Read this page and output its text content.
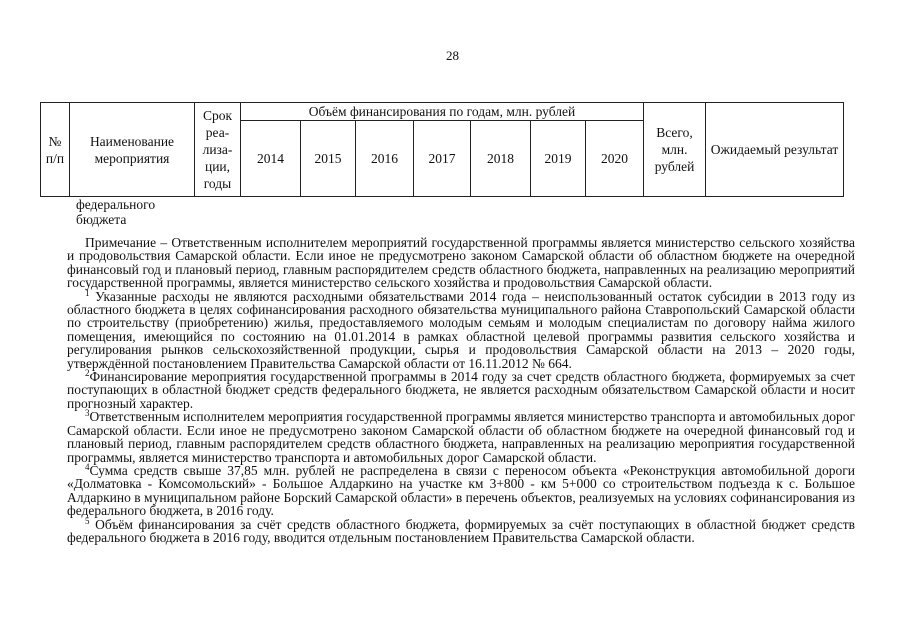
28
№ п/п	Наименование мероприятия	Срок реа-лиза-ции, годы	Объём финансирования по годам, млн. рублей							Всего, млн. рублей	Ожидаемый результат
			2014	2015	2016	2017	2018	2019	2020		
федерального бюджета

Примечание – Ответственным исполнителем мероприятий государственной программы является министерство сельского хозяйства и продовольствия Самарской области. Если иное не предусмотрено законом Самарской области об областном бюджете на очередной финансовый год и плановый период, главным распорядителем средств областного бюджета, направленных на реализацию мероприятий государственной программы, является министерство сельского хозяйства и продовольствия Самарской области.

$^1$ Указанные расходы не являются расходными обязательствами 2014 года – неиспользованный остаток субсидии в 2013 году из областного бюджета в целях софинансирования расходного обязательства муниципального района Ставропольский Самарской области по строительству (приобретению) жилья, предоставляемого молодым семьям и молодым специалистам по договору найма жилого помещения, имеющийся по состоянию на 01.01.2014 в рамках областной целевой программы развития сельского хозяйства и регулирования рынков сельскохозяйственной продукции, сырья и продовольствия Самарской области на 2013 – 2020 годы, утверждённой постановлением Правительства Самарской области от 16.11.2012 № 664.

$^2$Финансирование мероприятия государственной программы в 2014 году за счет средств областного бюджета, формируемых за счет поступающих в областной бюджет средств федерального бюджета, не является расходным обязательством Самарской области и носит прогнозный характер.

$^3$Ответственным исполнителем мероприятия государственной программы является министерство транспорта и автомобильных дорог Самарской области. Если иное не предусмотрено законом Самарской области об областном бюджете на очередной финансовый год и плановый период, главным распорядителем средств областного бюджета, направленных на реализацию мероприятия государственной программы, является министерство транспорта и автомобильных дорог Самарской области.

$^4$Сумма средств свыше 37,85 млн. рублей не распределена в связи с переносом объекта «Реконструкция автомобильной дороги «Долматовка - Комсомольский» - Большое Алдаркино на участке км 3+800 - км 5+000 со строительством подъезда к с. Большое Алдаркино в муниципальном районе Борский Самарской области» в перечень объектов, реализуемых на условиях софинансирования из федерального бюджета, в 2016 году.

$^5$ Объём финансирования за счёт средств областного бюджета, формируемых за счёт поступающих в областной бюджет средств федерального бюджета в 2016 году, вводится отдельным постановлением Правительства Самарской области.
